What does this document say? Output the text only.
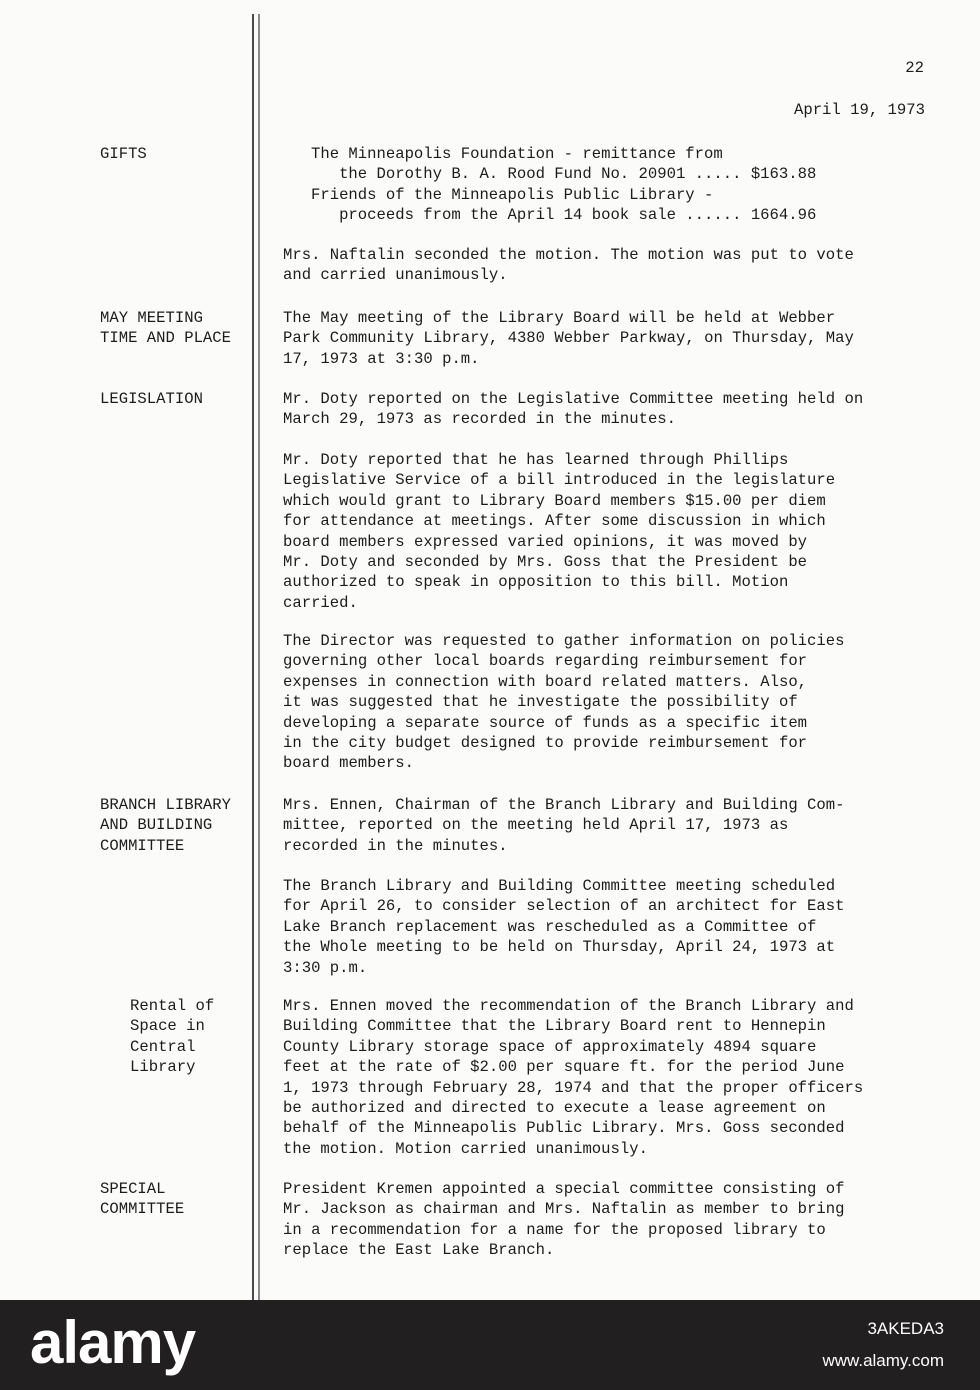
22
April 19, 1973
GIFTS	The Minneapolis Foundation - remittance from
the Dorothy B. A. Rood Fund No. 20901 ..... $163.88
Friends of the Minneapolis Public Library -
proceeds from the April 14 book sale ...... 1664.96
Mrs. Naftalin seconded the motion. The motion was put to vote
and carried unanimously.
MAY MEETING
TIME AND PLACE
The May meeting of the Library Board will be held at Webber
Park Community Library, 4380 Webber Parkway, on Thursday, May
17, 1973 at 3:30 p.m.
LEGISLATION	Mr. Doty reported on the Legislative Committee meeting held on
March 29, 1973 as recorded in the minutes.
Mr. Doty reported that he has learned through Phillips
Legislative Service of a bill introduced in the legislature
which would grant to Library Board members $15.00 per diem
for attendance at meetings. After some discussion in which
board members expressed varied opinions, it was moved by
Mr. Doty and seconded by Mrs. Goss that the President be
authorized to speak in opposition to this bill. Motion
carried.
The Director was requested to gather information on policies
governing other local boards regarding reimbursement for
expenses in connection with board related matters. Also,
it was suggested that he investigate the possibility of
developing a separate source of funds as a specific item
in the city budget designed to provide reimbursement for
board members.
BRANCH LIBRARY
AND BUILDING
COMMITTEE
Mrs. Ennen, Chairman of the Branch Library and Building Com-
mittee, reported on the meeting held April 17, 1973 as
recorded in the minutes.
The Branch Library and Building Committee meeting scheduled
for April 26, to consider selection of an architect for East
Lake Branch replacement was rescheduled as a Committee of
the Whole meeting to be held on Thursday, April 24, 1973 at
3:30 p.m.
Rental of
Space in
Central
Library
Mrs. Ennen moved the recommendation of the Branch Library and
Building Committee that the Library Board rent to Hennepin
County Library storage space of approximately 4894 square
feet at the rate of $2.00 per square ft. for the period June
1, 1973 through February 28, 1974 and that the proper officers
be authorized and directed to execute a lease agreement on
behalf of the Minneapolis Public Library. Mrs. Goss seconded
the motion. Motion carried unanimously.
SPECIAL
COMMITTEE
President Kremen appointed a special committee consisting of
Mr. Jackson as chairman and Mrs. Naftalin as member to bring
in a recommendation for a name for the proposed library to
replace the East Lake Branch.
alamy	3AKEDA3
www.alamy.com
